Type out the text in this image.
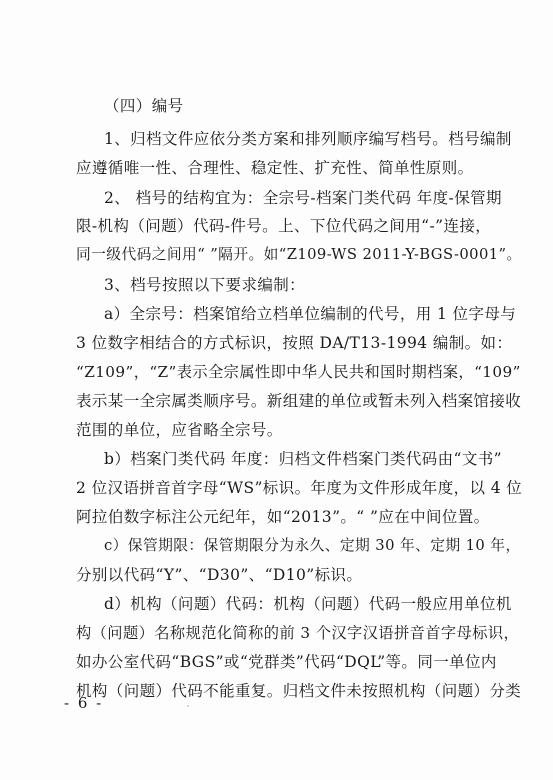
（四）编号
1、归档文件应依分类方案和排列顺序编写档号。档号编制
应遵循唯一性、合理性、稳定性、扩充性、简单性原则。
2、 档号的结构宜为：全宗号-档案门类代码 年度-保管期
限-机构（问题）代码-件号。上、下位代码之间用“-”连接，
同一级代码之间用“ ”隔开。如“Z109-WS 2011-Y-BGS-0001”。
3、档号按照以下要求编制：
a）全宗号：档案馆给立档单位编制的代号，用 1 位字母与
3 位数字相结合的方式标识，按照 DA/T13-1994 编制。如：
“Z109”，“Z”表示全宗属性即中华人民共和国时期档案，“109”
表示某一全宗属类顺序号。新组建的单位或暂未列入档案馆接收
范围的单位，应省略全宗号。
b）档案门类代码 年度：归档文件档案门类代码由“文书”
2 位汉语拼音首字母“WS”标识。年度为文件形成年度，以 4 位
阿拉伯数字标注公元纪年，如“2013”。“ ”应在中间位置。
c）保管期限：保管期限分为永久、定期 30 年、定期 10 年，
分别以代码“Y”、“D30”、“D10”标识。
d）机构（问题）代码：机构（问题）代码一般应用单位机
构（问题）名称规范化简称的前 3 个汉字汉语拼音首字母标识，
如办公室代码“BGS”或“党群类”代码“DQL”等。同一单位内
机构（问题）代码不能重复。归档文件未按照机构（问题）分类
- 6 -
